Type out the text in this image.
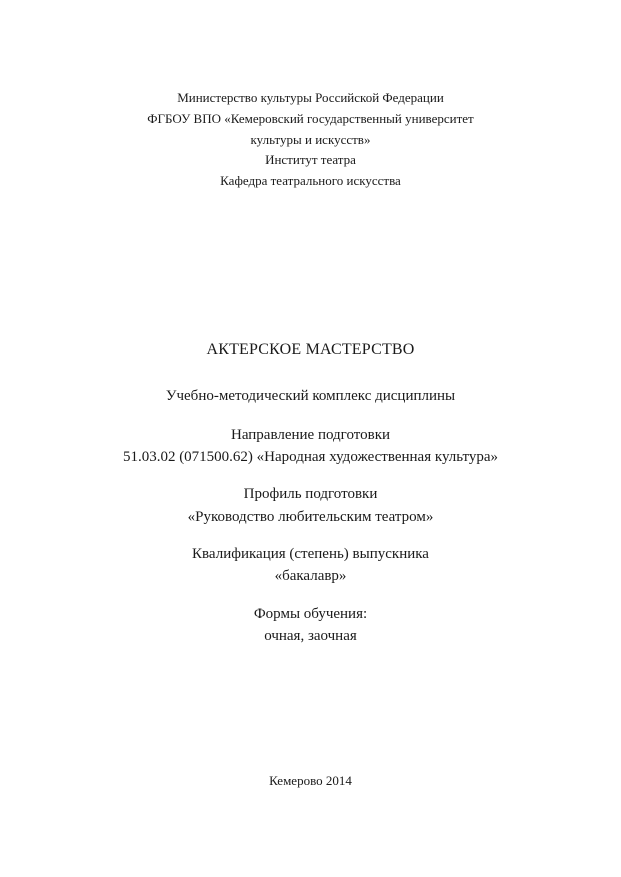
Министерство культуры Российской Федерации
ФГБОУ ВПО «Кемеровский государственный университет
культуры и искусств»
Институт театра
Кафедра театрального искусства
АКТЕРСКОЕ МАСТЕРСТВО
Учебно-методический комплекс дисциплины
Направление подготовки
51.03.02 (071500.62) «Народная художественная культура»
Профиль подготовки
«Руководство любительским театром»
Квалификация (степень) выпускника
«бакалавр»
Формы обучения:
очная, заочная
Кемерово 2014
